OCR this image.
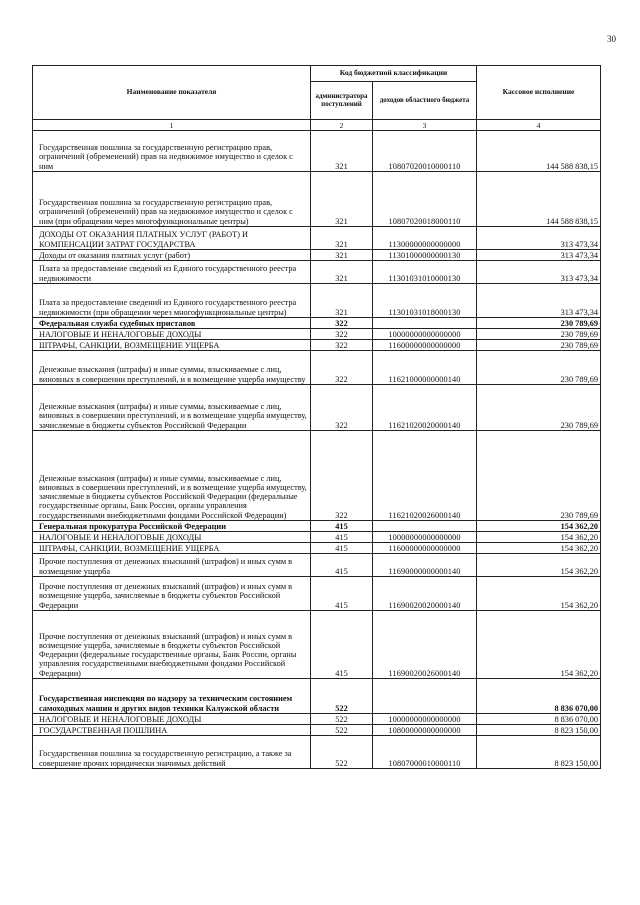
30
Наименование показателя	Код бюджетной классификации		Кассовое исполнение
	администратора поступлений	доходов областного бюджета	
1	2	3	4
Государственная пошлина за государственную регистрацию прав, ограничений (обременений) прав на недвижимое имущество и сделок с ним	321	10807020010000110	144 588 838,15
Государственная пошлина за государственную регистрацию прав, ограничений (обременений) прав на недвижимое имущество и сделок с ним (при обращении через многофункциональные центры)	321	10807020018000110	144 588 838,15
ДОХОДЫ ОТ ОКАЗАНИЯ ПЛАТНЫХ УСЛУГ (РАБОТ) И КОМПЕНСАЦИИ ЗАТРАТ ГОСУДАРСТВА	321	11300000000000000	313 473,34
Доходы от оказания платных услуг (работ)	321	11301000000000130	313 473,34
Плата за предоставление сведений из Единого государственного реестра недвижимости	321	11301031010000130	313 473,34
Плата за предоставление сведений из Единого государственного реестра недвижимости (при обращении через многофункциональные центры)	321	11301031018000130	313 473,34
Федеральная служба судебных приставов	322		230 789,69
НАЛОГОВЫЕ И НЕНАЛОГОВЫЕ ДОХОДЫ	322	10000000000000000	230 789,69
ШТРАФЫ, САНКЦИИ, ВОЗМЕЩЕНИЕ УЩЕРБА	322	11600000000000000	230 789,69
Денежные взыскания (штрафы) и иные суммы, взыскиваемые с лиц, виновных в совершении преступлений, и в возмещение ущерба имуществу	322	11621000000000140	230 789,69
Денежные взыскания (штрафы) и иные суммы, взыскиваемые с лиц, виновных в совершении преступлений, и в возмещение ущерба имуществу, зачисляемые в бюджеты субъектов Российской Федерации	322	11621020020000140	230 789,69
Денежные взыскания (штрафы) и иные суммы, взыскиваемые с лиц, виновных в совершении преступлений, и в возмещение ущерба имуществу, зачисляемые в бюджеты субъектов Российской Федерации (федеральные государственные органы, Банк России, органы управления государственными внебюджетными фондами Российской Федерации)	322	11621020026000140	230 789,69
Генеральная прокуратура Российской Федерации	415		154 362,20
НАЛОГОВЫЕ И НЕНАЛОГОВЫЕ ДОХОДЫ	415	10000000000000000	154 362,20
ШТРАФЫ, САНКЦИИ, ВОЗМЕЩЕНИЕ УЩЕРБА	415	11600000000000000	154 362,20
Прочие поступления от денежных взысканий (штрафов) и иных сумм в возмещение ущерба	415	11690000000000140	154 362,20
Прочие поступления от денежных взысканий (штрафов) и иных сумм в возмещение ущерба, зачисляемые в бюджеты субъектов Российской Федерации	415	11690020020000140	154 362,20
Прочие поступления от денежных взысканий (штрафов) и иных сумм в возмещение ущерба, зачисляемые в бюджеты субъектов Российской Федерации (федеральные государственные органы, Банк России, органы управления государственными внебюджетными фондами Российской Федерации)	415	11690020026000140	154 362,20
Государственная инспекция по надзору за техническим состоянием самоходных машин и других видов техники Калужской области	522		8 836 070,00
НАЛОГОВЫЕ И НЕНАЛОГОВЫЕ ДОХОДЫ	522	10000000000000000	8 836 070,00
ГОСУДАРСТВЕННАЯ ПОШЛИНА	522	10800000000000000	8 823 150,00
Государственная пошлина за государственную регистрацию, а также за совершение прочих юридически значимых действий	522	10807000010000110	8 823 150,00
